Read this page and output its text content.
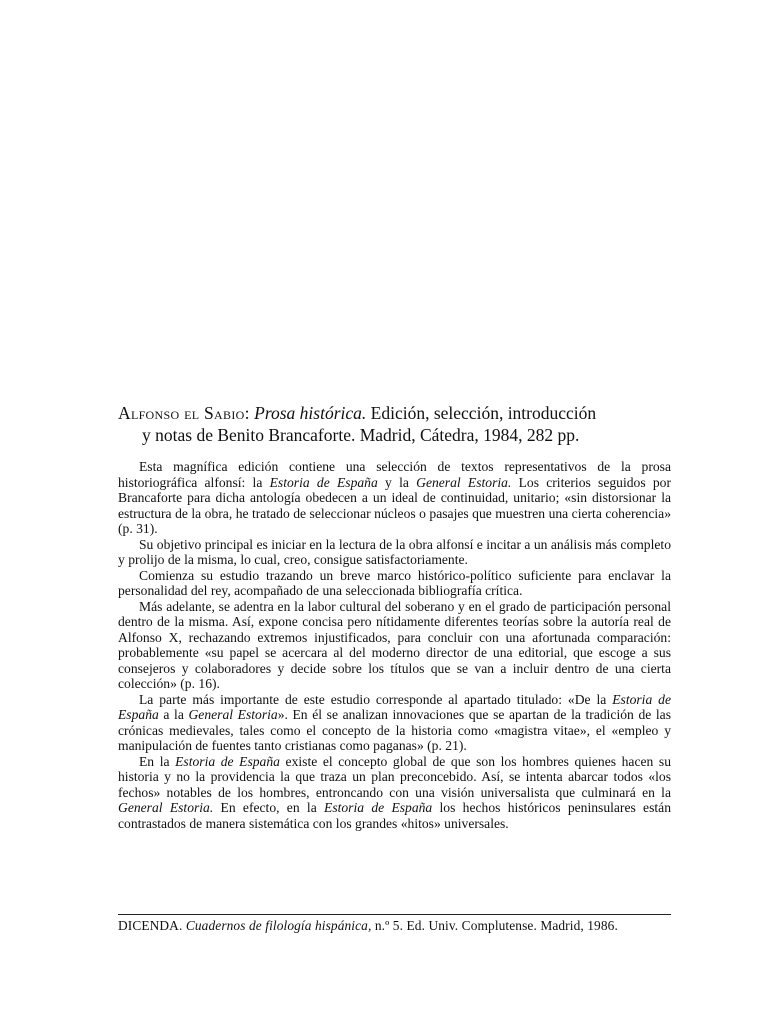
Alfonso el Sabio: Prosa histórica. Edición, selección, introducción
y notas de Benito Brancaforte. Madrid, Cátedra, 1984, 282 pp.

Esta magnífica edición contiene una selección de textos representativos de la prosa historiográfica alfonsí: la Estoria de España y la General Estoria. Los criterios seguidos por Brancaforte para dicha antología obedecen a un ideal de continuidad, unitario; «sin distorsionar la estructura de la obra, he tratado de seleccionar núcleos o pasajes que muestren una cierta coherencia» (p. 31).

Su objetivo principal es iniciar en la lectura de la obra alfonsí e incitar a un análisis más completo y prolijo de la misma, lo cual, creo, consigue satisfactoriamente.

Comienza su estudio trazando un breve marco histórico-político suficiente para enclavar la personalidad del rey, acompañado de una seleccionada bibliografía crítica.

Más adelante, se adentra en la labor cultural del soberano y en el grado de participación personal dentro de la misma. Así, expone concisa pero nítidamente diferentes teorías sobre la autoría real de Alfonso X, rechazando extremos injustificados, para concluir con una afortunada comparación: probablemente «su papel se acercara al del moderno director de una editorial, que escoge a sus consejeros y colaboradores y decide sobre los títulos que se van a incluir dentro de una cierta colección» (p. 16).

La parte más importante de este estudio corresponde al apartado titulado: «De la Estoria de España a la General Estoria». En él se analizan innovaciones que se apartan de la tradición de las crónicas medievales, tales como el concepto de la historia como «magistra vitae», el «empleo y manipulación de fuentes tanto cristianas como paganas» (p. 21).

En la Estoria de España existe el concepto global de que son los hombres quienes hacen su historia y no la providencia la que traza un plan preconcebido. Así, se intenta abarcar todos «los fechos» notables de los hombres, entroncando con una visión universalista que culminará en la General Estoria. En efecto, en la Estoria de España los hechos históricos peninsulares están contrastados de manera sistemática con los grandes «hitos» universales.

DICENDA. Cuadernos de filología hispánica, n.º 5. Ed. Univ. Complutense. Madrid, 1986.
